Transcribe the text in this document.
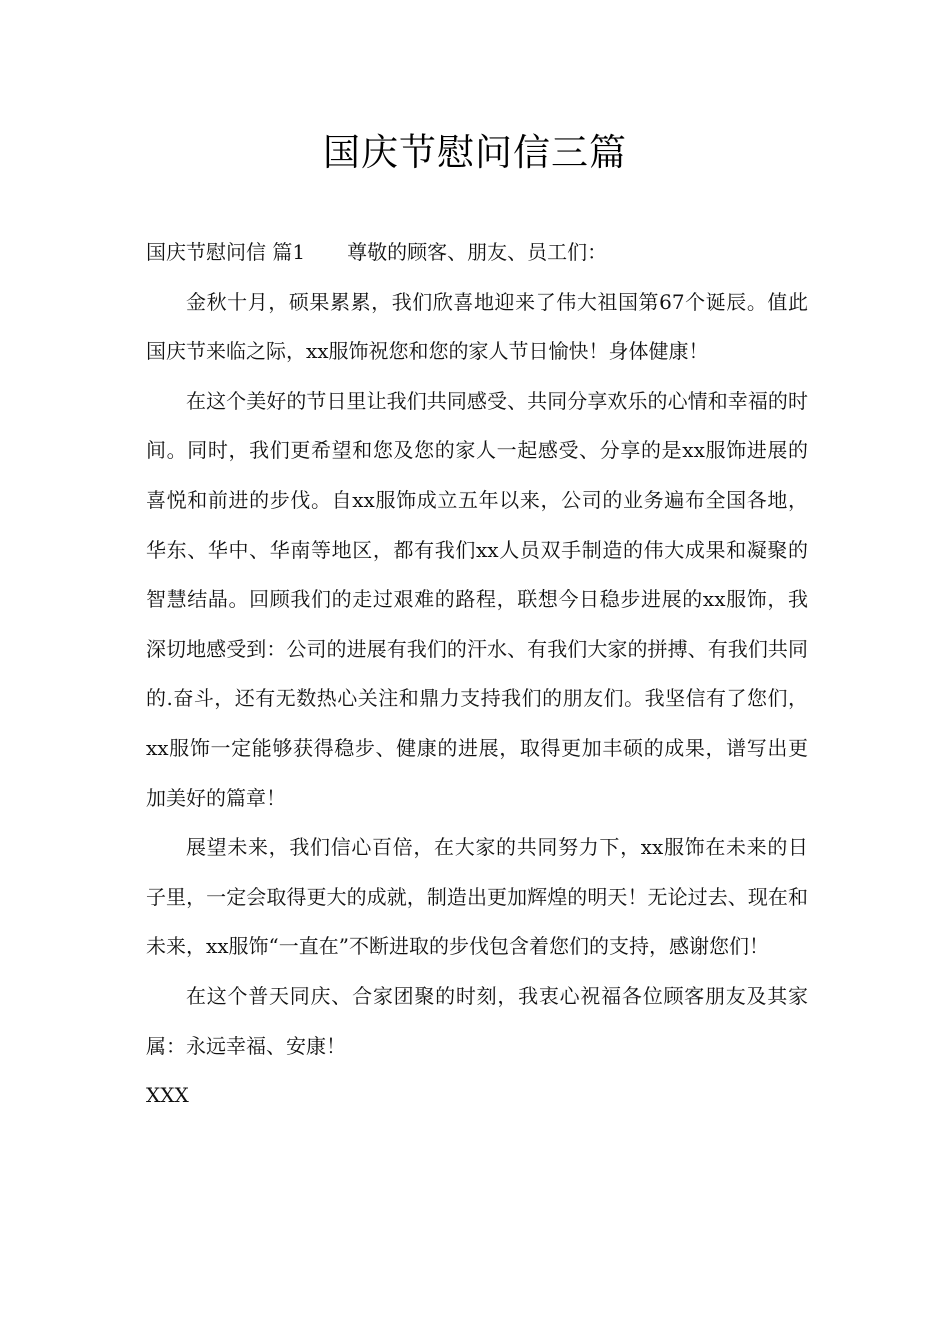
国庆节慰问信三篇

国庆节慰问信 篇1 尊敬的顾客、朋友、员工们：

金秋十月，硕果累累，我们欣喜地迎来了伟大祖国第67个诞辰。值此国庆节来临之际，xx服饰祝您和您的家人节日愉快！身体健康！

在这个美好的节日里让我们共同感受、共同分享欢乐的心情和幸福的时间。同时，我们更希望和您及您的家人一起感受、分享的是xx服饰进展的喜悦和前进的步伐。自xx服饰成立五年以来，公司的业务遍布全国各地，华东、华中、华南等地区，都有我们xx人员双手制造的伟大成果和凝聚的智慧结晶。回顾我们的走过艰难的路程，联想今日稳步进展的xx服饰，我深切地感受到：公司的进展有我们的汗水、有我们大家的拼搏、有我们共同的.奋斗，还有无数热心关注和鼎力支持我们的朋友们。我坚信有了您们，xx服饰一定能够获得稳步、健康的进展，取得更加丰硕的成果，谱写出更加美好的篇章！

展望未来，我们信心百倍，在大家的共同努力下，xx服饰在未来的日子里，一定会取得更大的成就，制造出更加辉煌的明天！无论过去、现在和未来，xx服饰“一直在”不断进取的步伐包含着您们的支持，感谢您们！

在这个普天同庆、合家团聚的时刻，我衷心祝福各位顾客朋友及其家属：永远幸福、安康！

XXX
